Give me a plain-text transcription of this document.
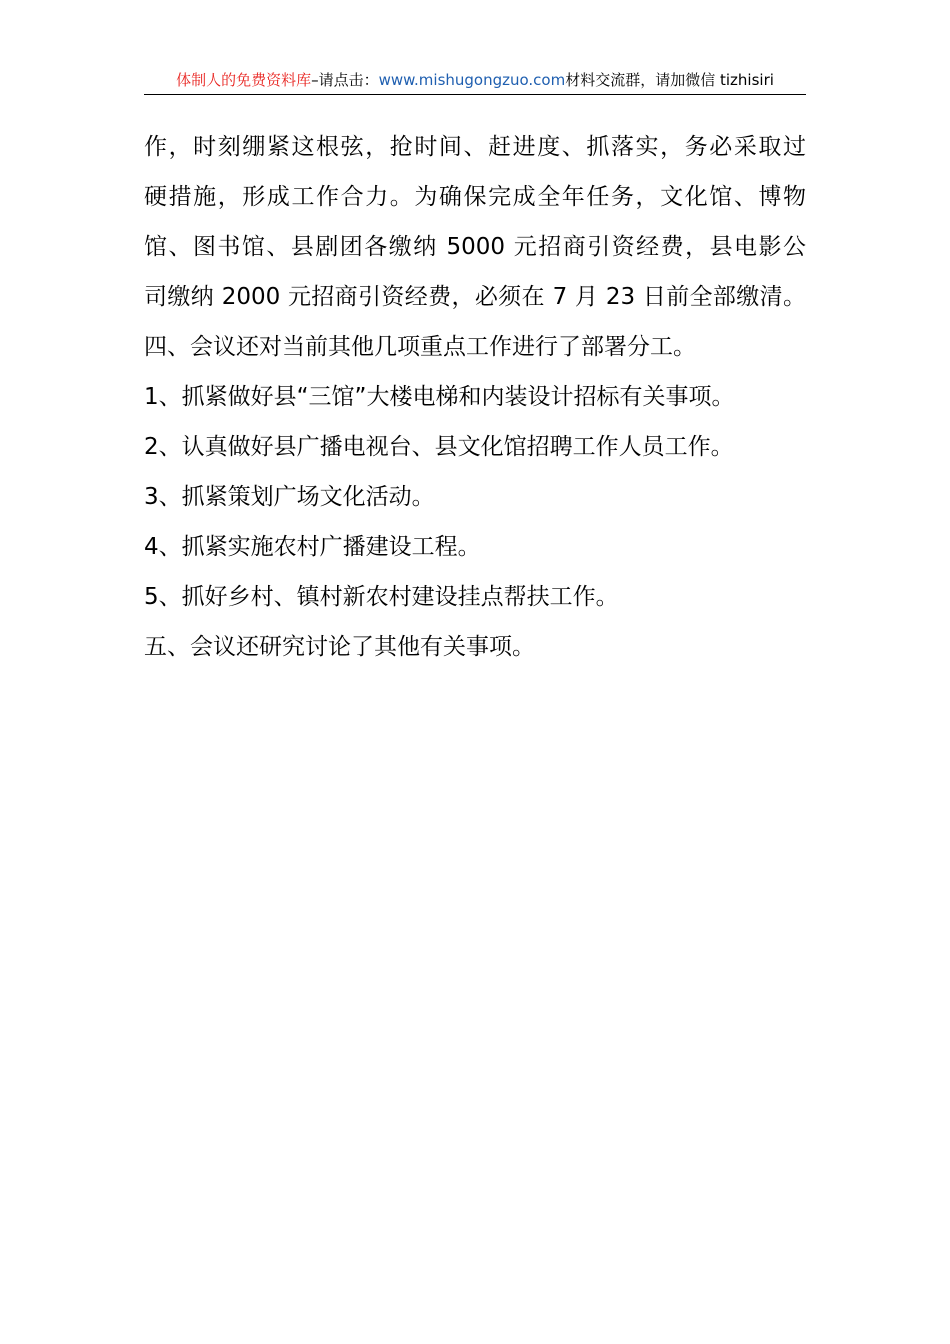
体制人的免费资料库–请点击：www.mishugongzuo.com材料交流群，请加微信 tizhisiri
作，时刻绷紧这根弦，抢时间、赶进度、抓落实，务必采取过
硬措施，形成工作合力。为确保完成全年任务，文化馆、博物
馆、图书馆、县剧团各缴纳 5000 元招商引资经费，县电影公
司缴纳 2000 元招商引资经费，必须在 7 月 23 日前全部缴清。
四、会议还对当前其他几项重点工作进行了部署分工。
1、抓紧做好县“三馆”大楼电梯和内装设计招标有关事项。
2、认真做好县广播电视台、县文化馆招聘工作人员工作。
3、抓紧策划广场文化活动。
4、抓紧实施农村广播建设工程。
5、抓好乡村、镇村新农村建设挂点帮扶工作。
五、会议还研究讨论了其他有关事项。
